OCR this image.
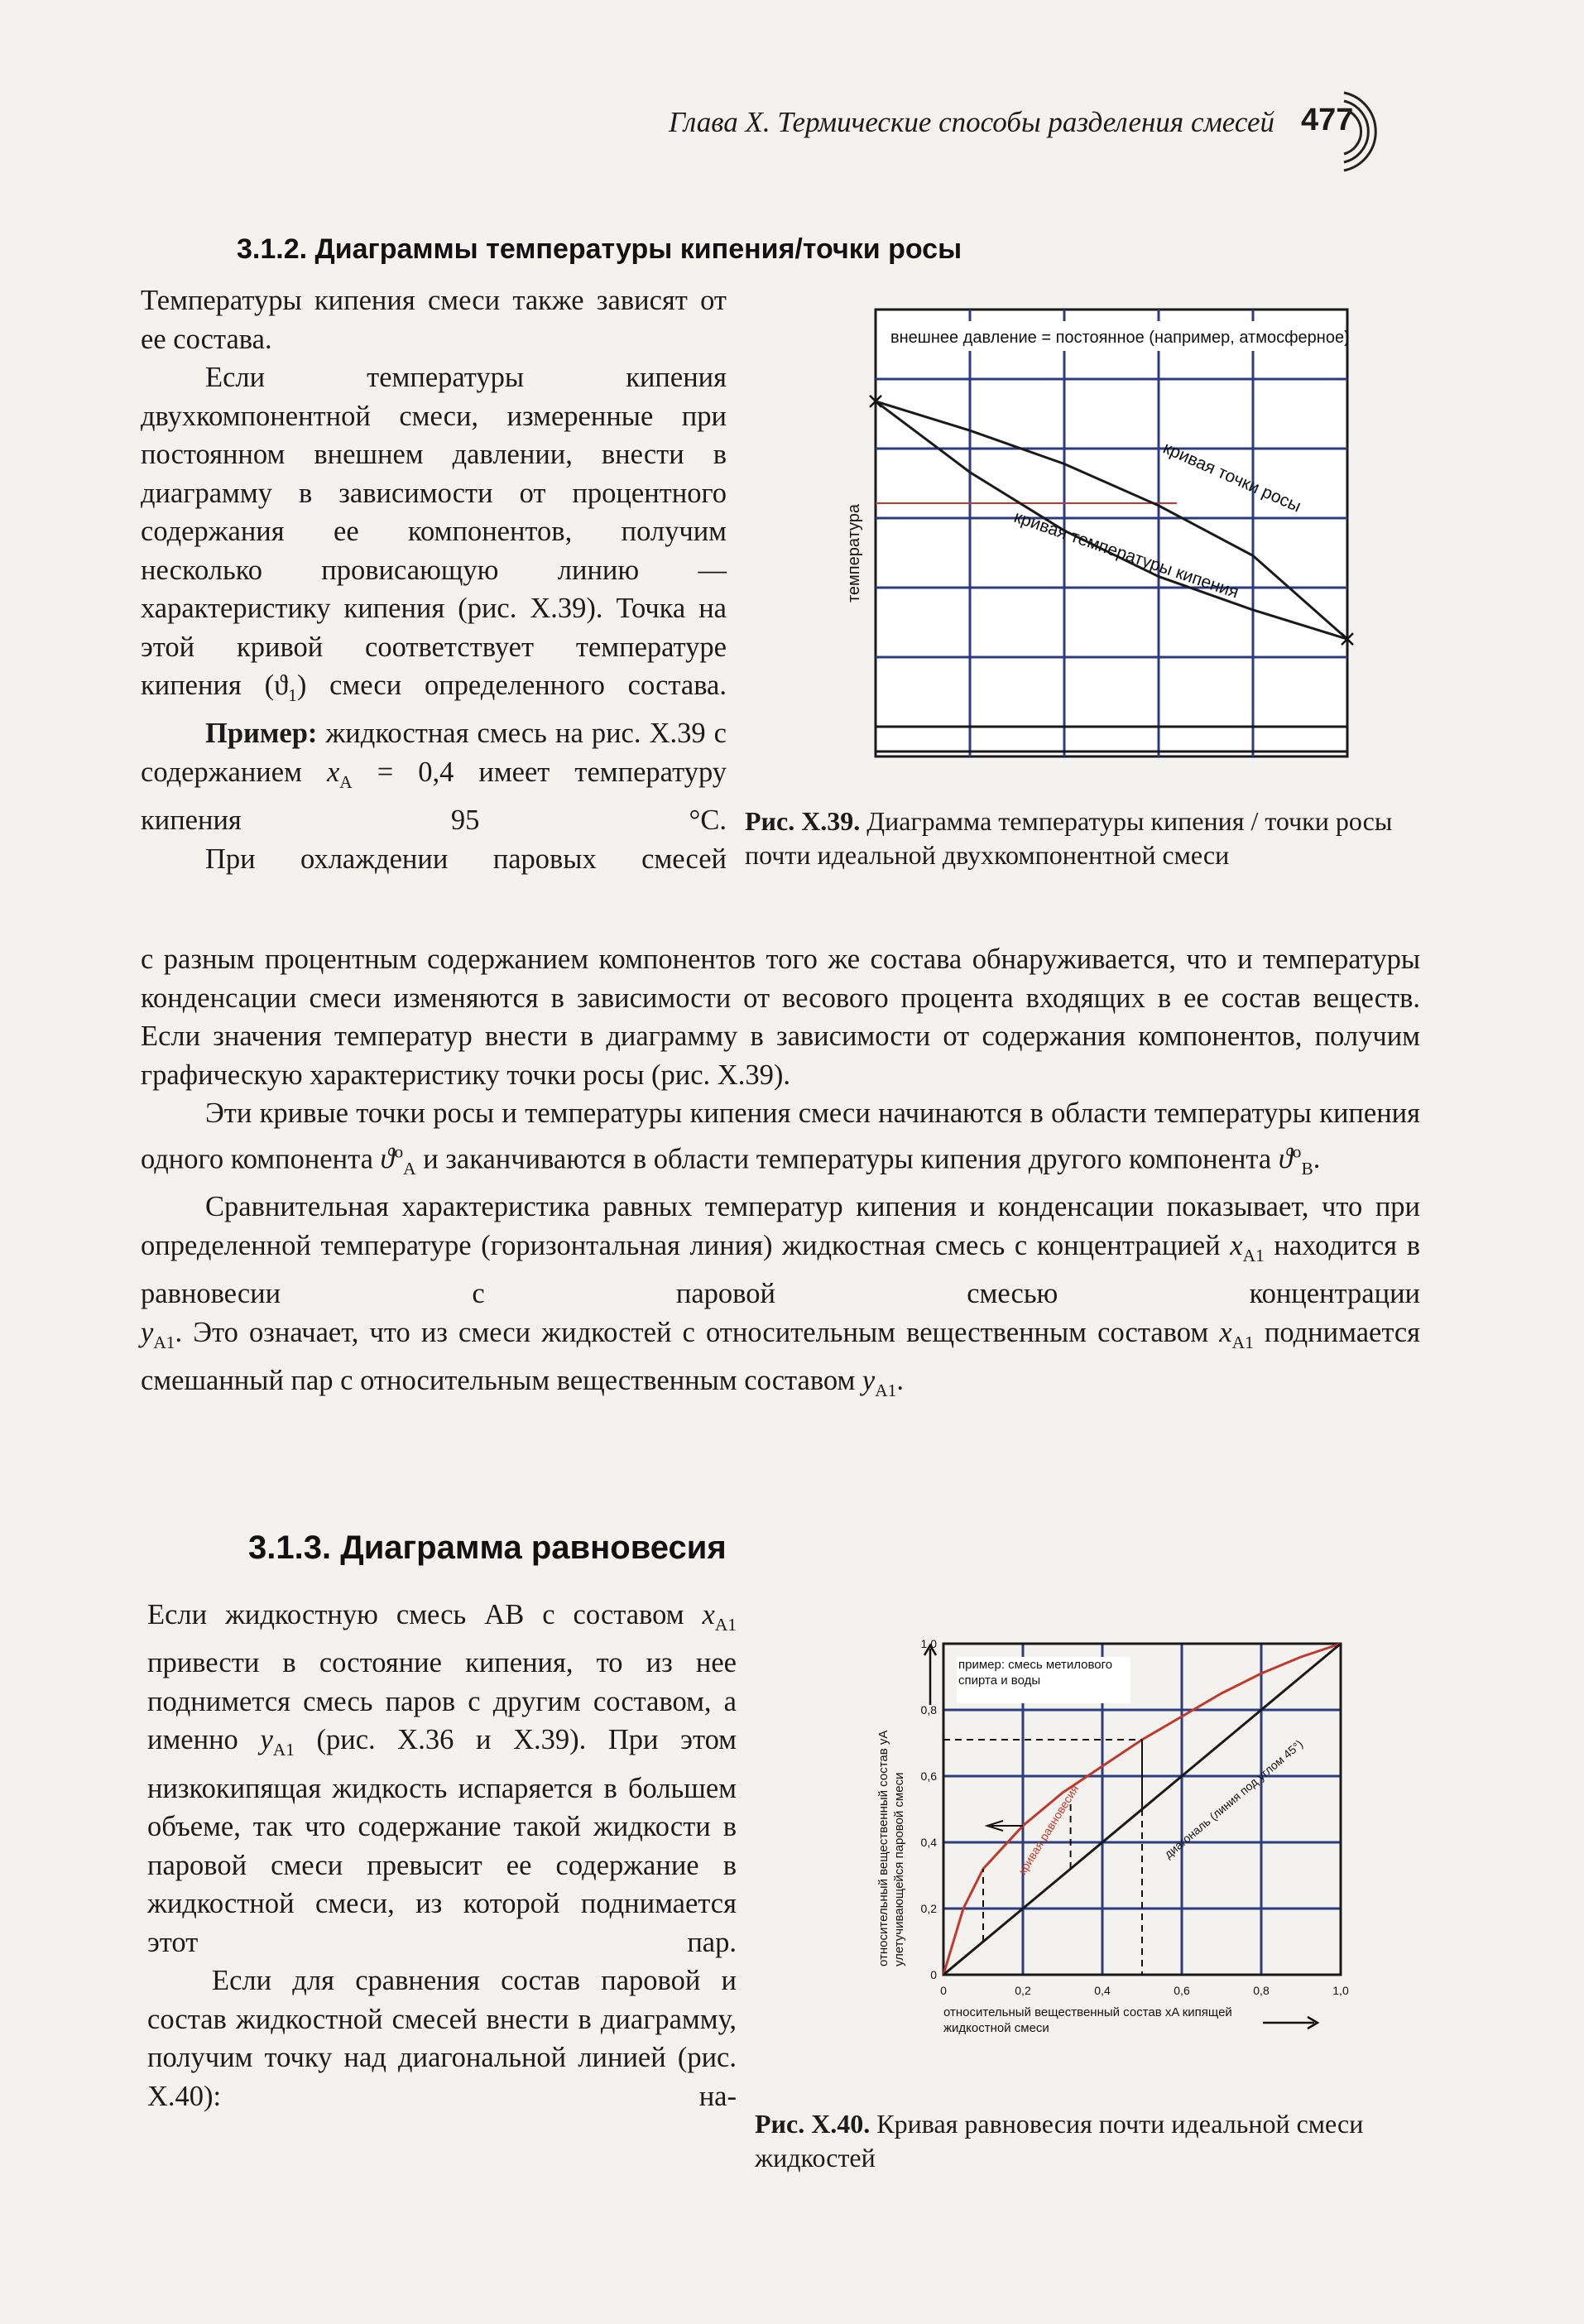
Глава X. Термические способы разделения смесей 477
3.1.2. Диаграммы температуры кипения/точки росы

Температуры кипения смеси также зависят от ее состава.

Если температуры кипения двухкомпонентной смеси, измеренные при постоянном внешнем давлении, внести в диаграмму в зависимости от процентного содержания ее компонентов, получим несколько провисающую линию — характеристику кипения (рис. X.39). Точка на этой кривой соответствует температуре кипения $(ϑ_1)$ смеси определенного состава.

Пример: жидкостная смесь на рис. X.39 с содержанием $x_A = 0,4$ имеет температуру кипения 95 °С.

При охлаждении паровых смесей

внешнее давление = постоянное (например, атмосферное)
температура
кривая точки росы
кривая температуры кипения
Рис. X.39. Диаграмма температуры кипения / точки росы почти идеальной двухкомпонентной смеси

с разным процентным содержанием компонентов того же состава обнаруживается, что и температуры конденсации смеси изменяются в зависимости от весового процента входящих в ее состав веществ. Если значения температур внести в диаграмму в зависимости от содержания компонентов, получим графическую характеристику точки росы (рис. X.39).

Эти кривые точки росы и температуры кипения смеси начинаются в области температуры кипения одного компонента $ϑ^o_A$ и заканчиваются в области температуры кипения другого компонента $ϑ^o_B$.

Сравнительная характеристика равных температур кипения и конденсации показывает, что при определенной температуре (горизонтальная линия) жидкостная смесь с концентрацией $x_{A1}$ находится в равновесии с паровой смесью концентрации $y_{A1}$. Это означает, что из смеси жидкостей с относительным вещественным составом $x_{A1}$ поднимается смешанный пар с относительным вещественным составом $y_{A1}$.

3.1.3. Диаграмма равновесия

Если жидкостную смесь АВ с составом $x_{A1}$ привести в состояние кипения, то из нее поднимется смесь паров с другим составом, а именно $y_{A1}$ (рис. X.36 и X.39). При этом низкокипящая жидкость испаряется в большем объеме, так что содержание такой жидкости в паровой смеси превысит ее содержание в жидкостной смеси, из которой поднимается этот пар.

Если для сравнения состав паровой и состав жидкостной смесей внести в диаграмму, получим точку над диагональной линией (рис. X.40): на-

пример: смесь метилового спирта и воды
0	0,2	0,4	0,6	0,8	1,0
0
0,2
0,4
0,6
0,8
1,0
кривая равновесия	диагональ (линия под углом 45°)
относительный вещественный состав xA кипящей жидкостной смеси
относительный вещественный состав yA улетучивающейся паровой смеси
Рис. X.40. Кривая равновесия почти идеальной смеси жидкостей
